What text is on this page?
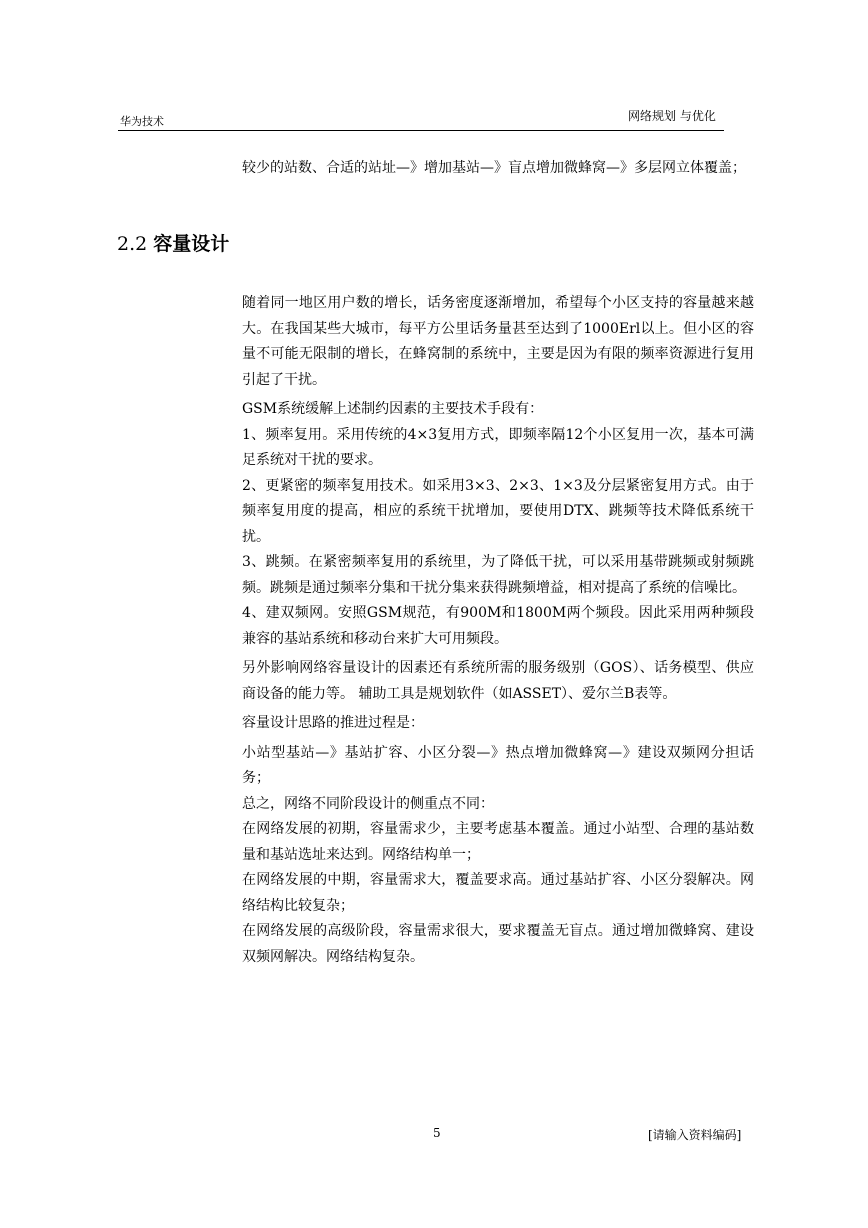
华为技术	网络规划 与优化

较少的站数、合适的站址—》增加基站—》盲点增加微蜂窝—》多层网立体覆盖；

2.2 容量设计

随着同一地区用户数的增长，话务密度逐渐增加，希望每个小区支持的容量越来越大。在我国某些大城市，每平方公里话务量甚至达到了1000Erl以上。但小区的容量不可能无限制的增长，在蜂窝制的系统中，主要是因为有限的频率资源进行复用引起了干扰。

GSM系统缓解上述制约因素的主要技术手段有：

1、频率复用。采用传统的4×3复用方式，即频率隔12个小区复用一次，基本可满足系统对干扰的要求。

2、更紧密的频率复用技术。如采用3×3、2×3、1×3及分层紧密复用方式。由于频率复用度的提高，相应的系统干扰增加，要使用DTX、跳频等技术降低系统干扰。

3、跳频。在紧密频率复用的系统里，为了降低干扰，可以采用基带跳频或射频跳频。跳频是通过频率分集和干扰分集来获得跳频增益，相对提高了系统的信噪比。

4、建双频网。安照GSM规范，有900M和1800M两个频段。因此采用两种频段兼容的基站系统和移动台来扩大可用频段。

另外影响网络容量设计的因素还有系统所需的服务级别（GOS）、话务模型、供应商设备的能力等。 辅助工具是规划软件（如ASSET）、爱尔兰B表等。

容量设计思路的推进过程是：

小站型基站—》基站扩容、小区分裂—》热点增加微蜂窝—》建设双频网分担话务；

总之，网络不同阶段设计的侧重点不同：

在网络发展的初期，容量需求少，主要考虑基本覆盖。通过小站型、合理的基站数量和基站选址来达到。网络结构单一；

在网络发展的中期，容量需求大，覆盖要求高。通过基站扩容、小区分裂解决。网络结构比较复杂；

在网络发展的高级阶段，容量需求很大，要求覆盖无盲点。通过增加微蜂窝、建设双频网解决。网络结构复杂。

5	[请输入资料编码]
